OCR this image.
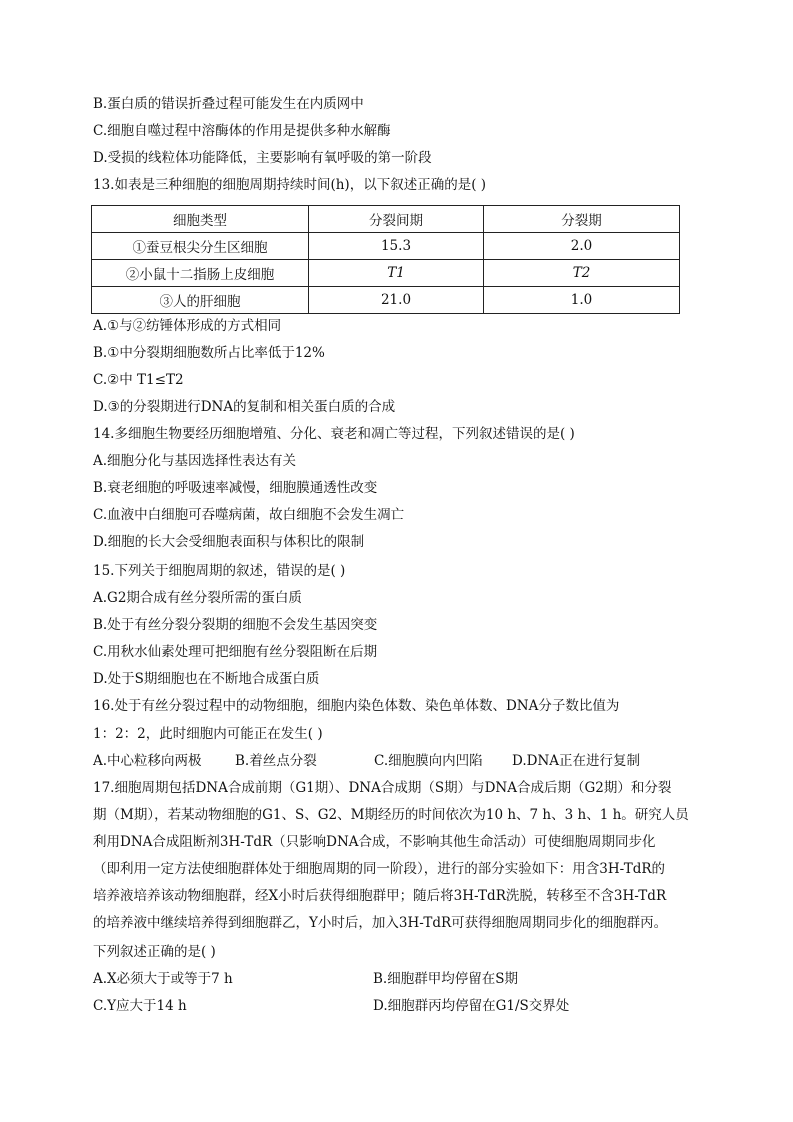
B.蛋白质的错误折叠过程可能发生在内质网中
C.细胞自噬过程中溶酶体的作用是提供多种水解酶
D.受损的线粒体功能降低，主要影响有氧呼吸的第一阶段
13.如表是三种细胞的细胞周期持续时间(h)，以下叙述正确的是( )
细胞类型	分裂间期	分裂期
①蚕豆根尖分生区细胞	15.3	2.0
②小鼠十二指肠上皮细胞	T1	T2
③人的肝细胞	21.0	1.0
A.①与②纺锤体形成的方式相同
B.①中分裂期细胞数所占比率低于12%
C.②中 T1≤T2
D.③的分裂期进行DNA的复制和相关蛋白质的合成
14.多细胞生物要经历细胞增殖、分化、衰老和凋亡等过程，下列叙述错误的是( )
A.细胞分化与基因选择性表达有关
B.衰老细胞的呼吸速率减慢，细胞膜通透性改变
C.血液中白细胞可吞噬病菌，故白细胞不会发生凋亡
D.细胞的长大会受细胞表面积与体积比的限制
15.下列关于细胞周期的叙述，错误的是( )
A.G2期合成有丝分裂所需的蛋白质
B.处于有丝分裂分裂期的细胞不会发生基因突变
C.用秋水仙素处理可把细胞有丝分裂阻断在后期
D.处于S期细胞也在不断地合成蛋白质
16.处于有丝分裂过程中的动物细胞，细胞内染色体数、染色单体数、DNA分子数比值为
1：2：2，此时细胞内可能正在发生( )
A.中心粒移向两极 B.着丝点分裂	C.细胞膜向内凹陷 D.DNA正在进行复制
17.细胞周期包括DNA合成前期（G1期）、DNA合成期（S期）与DNA合成后期（G2期）和分裂
期（M期），若某动物细胞的G1、S、G2、M期经历的时间依次为10 h、7 h、3 h、1 h。研究人员
利用DNA合成阻断剂3H-TdR（只影响DNA合成，不影响其他生命活动）可使细胞周期同步化
（即利用一定方法使细胞群体处于细胞周期的同一阶段），进行的部分实验如下：用含3H-TdR的
培养液培养该动物细胞群，经X小时后获得细胞群甲；随后将3H-TdR洗脱，转移至不含3H-TdR
的培养液中继续培养得到细胞群乙，Y小时后，加入3H-TdR可获得细胞周期同步化的细胞群丙。
下列叙述正确的是( )
A.X必须大于或等于7 h	B.细胞群甲均停留在S期
C.Y应大于14 h	D.细胞群丙均停留在G1/S交界处
